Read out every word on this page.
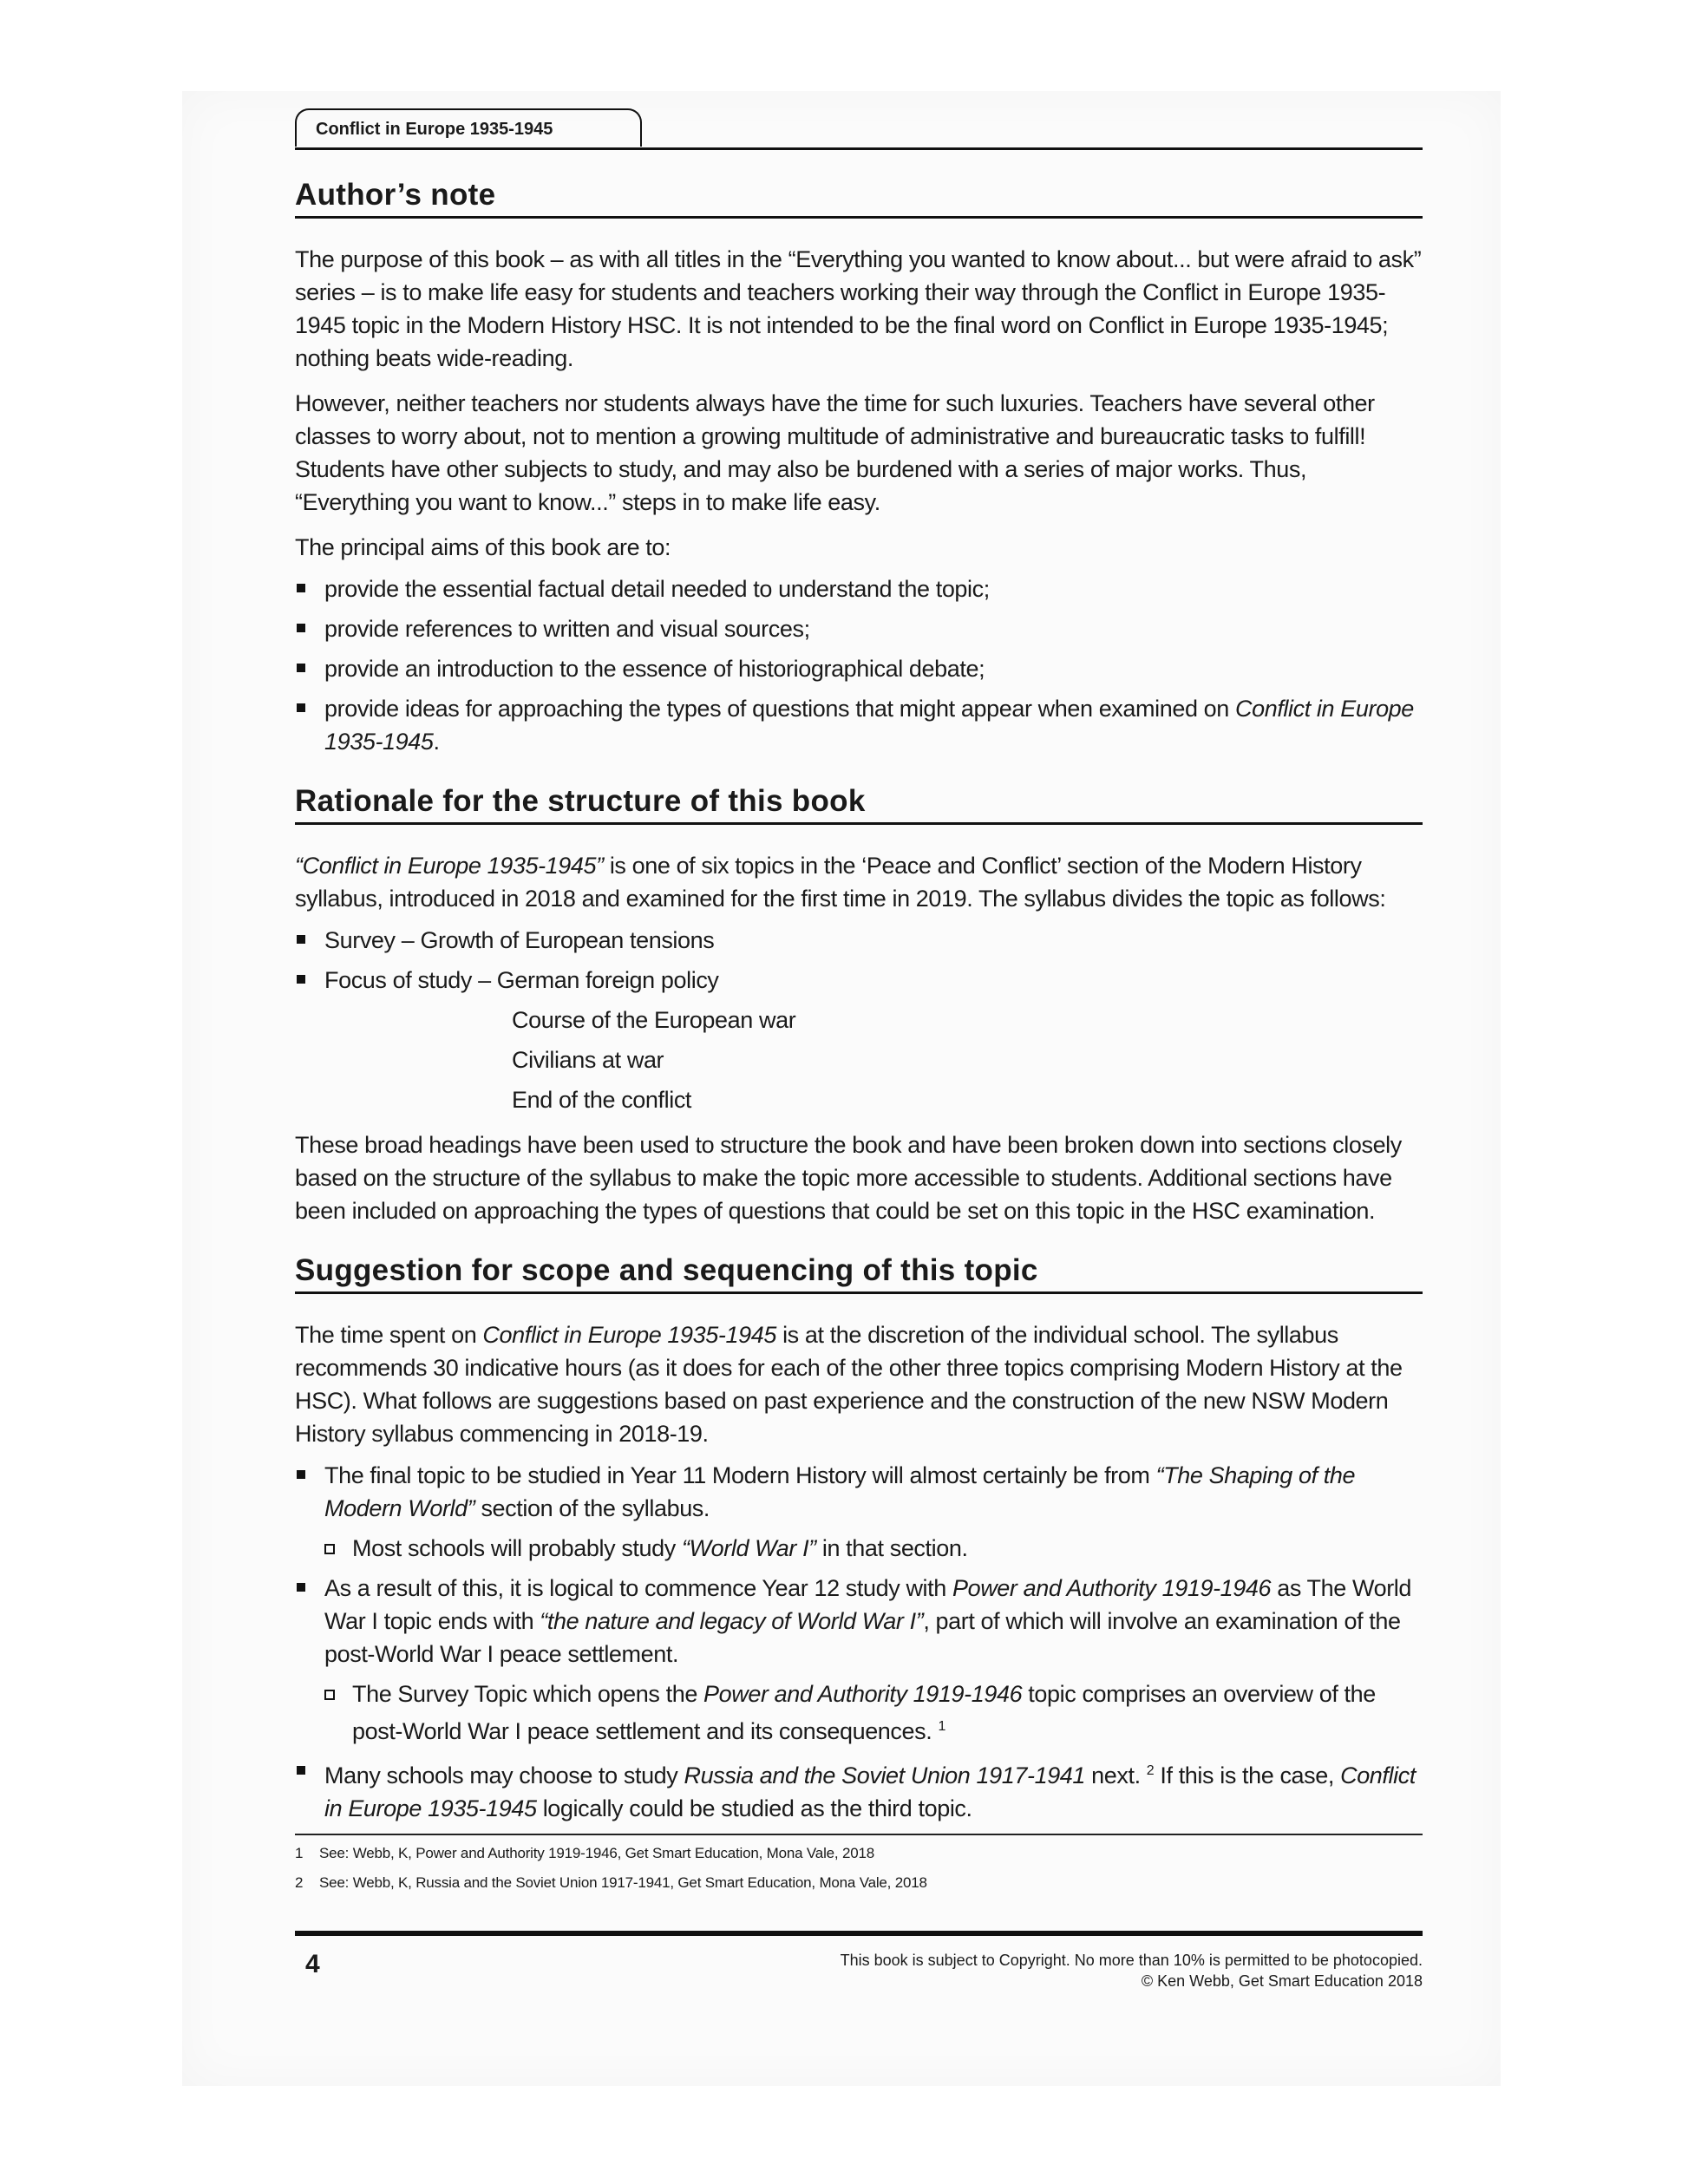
Conflict in Europe 1935-1945
Author’s note

The purpose of this book – as with all titles in the “Everything you wanted to know about... but were afraid to ask” series – is to make life easy for students and teachers working their way through the Conflict in Europe 1935-1945 topic in the Modern History HSC. It is not intended to be the final word on Conflict in Europe 1935-1945; nothing beats wide-reading.

However, neither teachers nor students always have the time for such luxuries. Teachers have several other classes to worry about, not to mention a growing multitude of administrative and bureaucratic tasks to fulfill! Students have other subjects to study, and may also be burdened with a series of major works. Thus, “Everything you want to know...” steps in to make life easy.

The principal aims of this book are to:

provide the essential factual detail needed to understand the topic;
provide references to written and visual sources;
provide an introduction to the essence of historiographical debate;
provide ideas for approaching the types of questions that might appear when examined on Conflict in Europe 1935-1945.
Rationale for the structure of this book

“Conflict in Europe 1935-1945” is one of six topics in the ‘Peace and Conflict’ section of the Modern History syllabus, introduced in 2018 and examined for the first time in 2019. The syllabus divides the topic as follows:

Survey – Growth of European tensions
Focus of study – German foreign policy
Course of the European war
Civilians at war
End of the conflict

These broad headings have been used to structure the book and have been broken down into sections closely based on the structure of the syllabus to make the topic more accessible to students. Additional sections have been included on approaching the types of questions that could be set on this topic in the HSC examination.

Suggestion for scope and sequencing of this topic

The time spent on Conflict in Europe 1935-1945 is at the discretion of the individual school. The syllabus recommends 30 indicative hours (as it does for each of the other three topics comprising Modern History at the HSC). What follows are suggestions based on past experience and the construction of the new NSW Modern History syllabus commencing in 2018-19.

The final topic to be studied in Year 11 Modern History will almost certainly be from “The Shaping of the Modern World” section of the syllabus.
Most schools will probably study “World War I” in that section.
As a result of this, it is logical to commence Year 12 study with Power and Authority 1919-1946 as The World War I topic ends with “the nature and legacy of World War I”, part of which will involve an examination of the post-World War I peace settlement.
The Survey Topic which opens the Power and Authority 1919-1946 topic comprises an overview of the post-World War I peace settlement and its consequences. $^1$
Many schools may choose to study Russia and the Soviet Union 1917-1941 next. $^2$ If this is the case, Conflict in Europe 1935-1945 logically could be studied as the third topic.
1 See: Webb, K, Power and Authority 1919-1946, Get Smart Education, Mona Vale, 2018
2 See: Webb, K, Russia and the Soviet Union 1917-1941, Get Smart Education, Mona Vale, 2018
4	This book is subject to Copyright. No more than 10% is permitted to be photocopied.
© Ken Webb, Get Smart Education 2018
